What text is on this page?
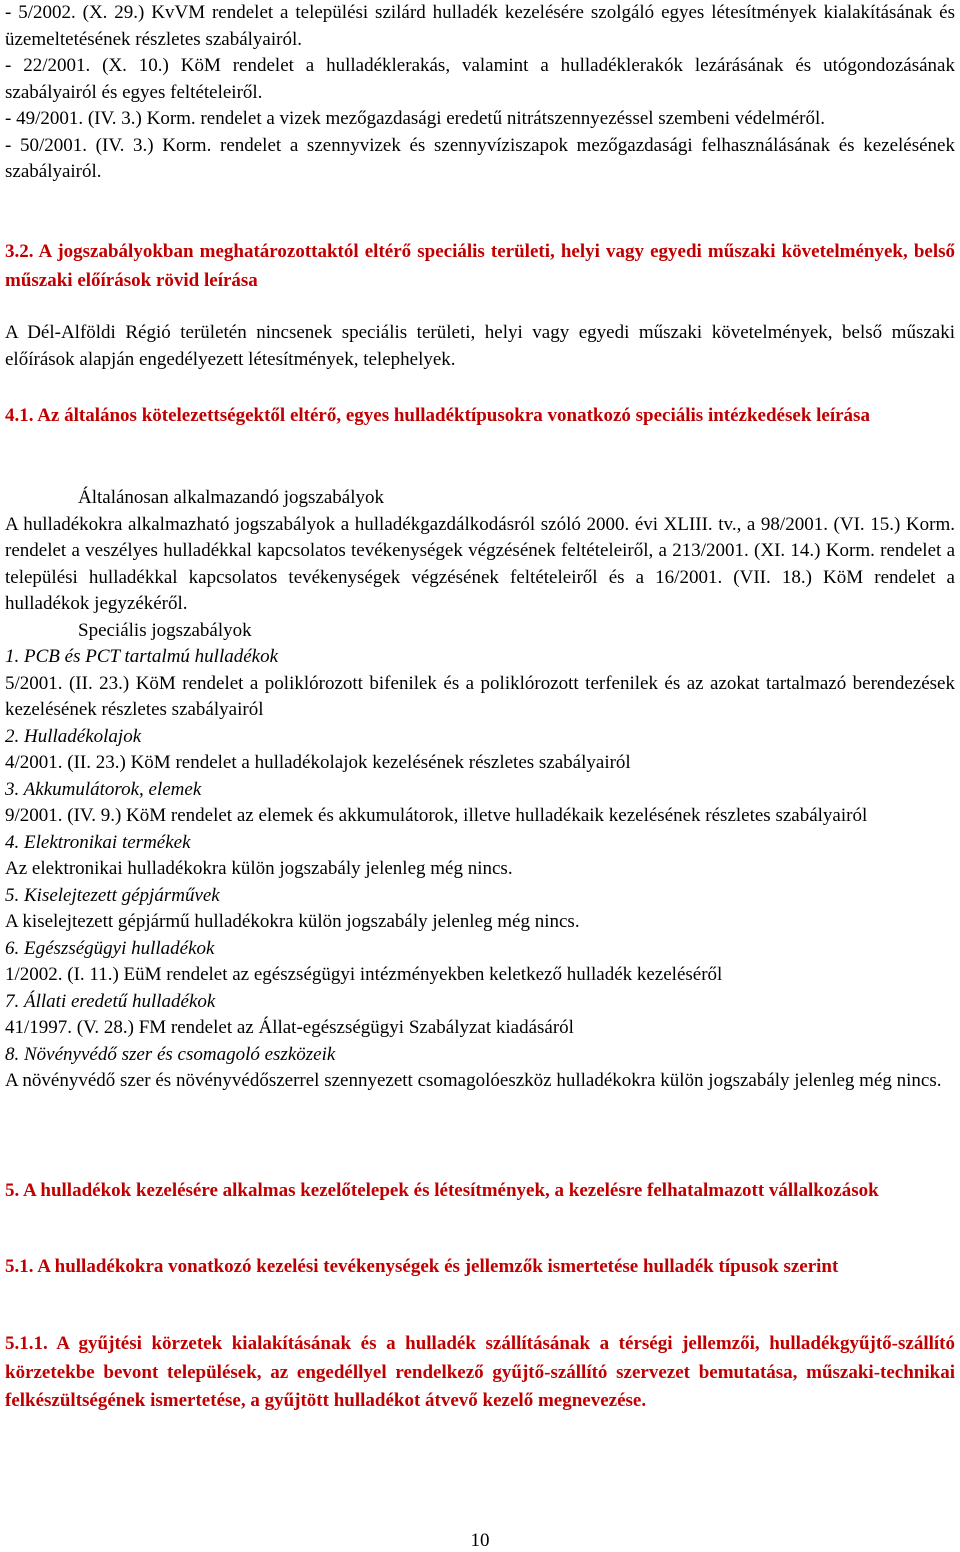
- 5/2002. (X. 29.) KvVM rendelet a települési szilárd hulladék kezelésére szolgáló egyes létesítmények kialakításának és üzemeltetésének részletes szabályairól.

- 22/2001. (X. 10.) KöM rendelet a hulladéklerakás, valamint a hulladéklerakók lezárásának és utógondozásának szabályairól és egyes feltételeiről.

- 49/2001. (IV. 3.) Korm. rendelet a vizek mezőgazdasági eredetű nitrátszennyezéssel szembeni védelméről.

- 50/2001. (IV. 3.) Korm. rendelet a szennyvizek és szennyvíziszapok mezőgazdasági felhasználásának és kezelésének szabályairól.

3.2. A jogszabályokban meghatározottaktól eltérő speciális területi, helyi vagy egyedi műszaki követelmények, belső műszaki előírások rövid leírása

A Dél-Alföldi Régió területén nincsenek speciális területi, helyi vagy egyedi műszaki követelmények, belső műszaki előírások alapján engedélyezett létesítmények, telephelyek.

4.1. Az általános kötelezettségektől eltérő, egyes hulladéktípusokra vonatkozó speciális intézkedések leírása

Általánosan alkalmazandó jogszabályok

A hulladékokra alkalmazható jogszabályok a hulladékgazdálkodásról szóló 2000. évi XLIII. tv., a 98/2001. (VI. 15.) Korm. rendelet a veszélyes hulladékkal kapcsolatos tevékenységek végzésének feltételeiről, a 213/2001. (XI. 14.) Korm. rendelet a települési hulladékkal kapcsolatos tevékenységek végzésének feltételeiről és a 16/2001. (VII. 18.) KöM rendelet a hulladékok jegyzékéről.

Speciális jogszabályok

1. PCB és PCT tartalmú hulladékok

5/2001. (II. 23.) KöM rendelet a poliklórozott bifenilek és a poliklórozott terfenilek és az azokat tartalmazó berendezések kezelésének részletes szabályairól

2. Hulladékolajok

4/2001. (II. 23.) KöM rendelet a hulladékolajok kezelésének részletes szabályairól

3. Akkumulátorok, elemek

9/2001. (IV. 9.) KöM rendelet az elemek és akkumulátorok, illetve hulladékaik kezelésének részletes szabályairól

4. Elektronikai termékek

Az elektronikai hulladékokra külön jogszabály jelenleg még nincs.

5. Kiselejtezett gépjárművek

A kiselejtezett gépjármű hulladékokra külön jogszabály jelenleg még nincs.

6. Egészségügyi hulladékok

1/2002. (I. 11.) EüM rendelet az egészségügyi intézményekben keletkező hulladék kezeléséről

7. Állati eredetű hulladékok

41/1997. (V. 28.) FM rendelet az Állat-egészségügyi Szabályzat kiadásáról

8. Növényvédő szer és csomagoló eszközeik

A növényvédő szer és növényvédőszerrel szennyezett csomagolóeszköz hulladékokra külön jogszabály jelenleg még nincs.

5. A hulladékok kezelésére alkalmas kezelőtelepek és létesítmények, a kezelésre felhatalmazott vállalkozások

5.1. A hulladékokra vonatkozó kezelési tevékenységek és jellemzők ismertetése hulladék típusok szerint

5.1.1. A gyűjtési körzetek kialakításának és a hulladék szállításának a térségi jellemzői, hulladékgyűjtő-szállító körzetekbe bevont települések, az engedéllyel rendelkező gyűjtő-szállító szervezet bemutatása, műszaki-technikai felkészültségének ismertetése, a gyűjtött hulladékot átvevő kezelő megnevezése.

10
